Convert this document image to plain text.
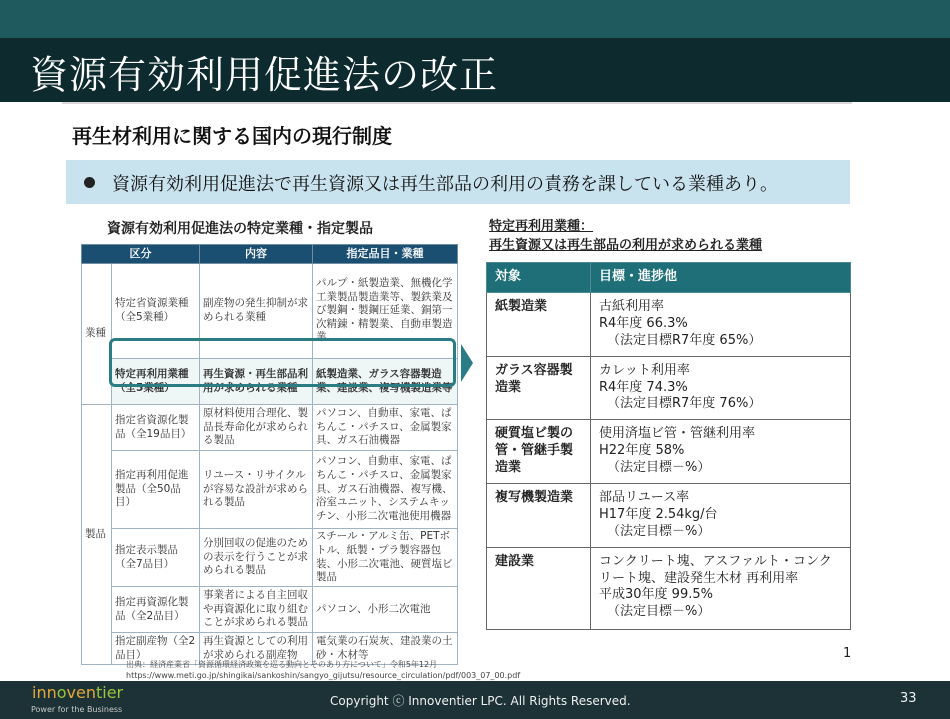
資源有効利用促進法の改正
再生材利用に関する国内の現行制度
資源有効利用促進法で再生資源又は再生部品の利用の責務を課している業種あり。
資源有効利用促進法の特定業種・指定製品
区分		内容	指定品目・業種
業種	特定省資源業種（全5業種）	副産物の発生抑制が求められる業種	パルプ・紙製造業、無機化学工業製品製造業等、製鉄業及び製鋼・製鋼圧延業、銅第一次精錬・精製業、自動車製造業
	特定再利用業種（全5業種）	再生資源・再生部品利用が求められる業種	紙製造業、ガラス容器製造業、建設業、複写機製造業等
製品	指定省資源化製品（全19品目）	原材料使用合理化、製品長寿命化が求められる製品	パソコン、自動車、家電、ぱちんこ・パチスロ、金属製家具、ガス石油機器
	指定再利用促進製品（全50品目）	リユース・リサイクルが容易な設計が求められる製品	パソコン、自動車、家電、ぱちんこ・パチスロ、金属製家具、ガス石油機器、複写機、浴室ユニット、システムキッチン、小形二次電池使用機器
	指定表示製品（全7品目）	分別回収の促進のための表示を行うことが求められる製品	スチール・アルミ缶、PETボトル、紙製・プラ製容器包装、小形二次電池、硬質塩ビ製品
	指定再資源化製品（全2品目）	事業者による自主回収や再資源化に取り組むことが求められる製品	パソコン、小形二次電池
	指定副産物（全2品目）	再生資源としての利用が求められる副産物	電気業の石炭灰、建設業の土砂・木材等
特定再利用業種：
再生資源又は再生部品の利用が求められる業種
対象	目標・進捗他
紙製造業	古紙利用率
R4年度 66.3%

（法定目標R7年度 65%）

ガラス容器製造業	カレット利用率
R4年度 74.3%

（法定目標R7年度 76%）

硬質塩ビ製の管・管継手製造業	使用済塩ビ管・管継利用率
H22年度 58%

（法定目標－%）

複写機製造業	部品リユース率
H17年度 2.54kg/台

（法定目標－%）

建設業	コンクリート塊、アスファルト・コンクリート塊、建設発生木材 再利用率
平成30年度 99.5%

（法定目標－%）
1
出典：経済産業省「資源循環経済政策を巡る動向とそのあり方について」令和5年12月
https://www.meti.go.jp/shingikai/sankoshin/sangyo_gijutsu/resource_circulation/pdf/003_07_00.pdf
innoventier
Power for the Business
Copyright ⓒ Innoventier LPC. All Rights Reserved.	33
